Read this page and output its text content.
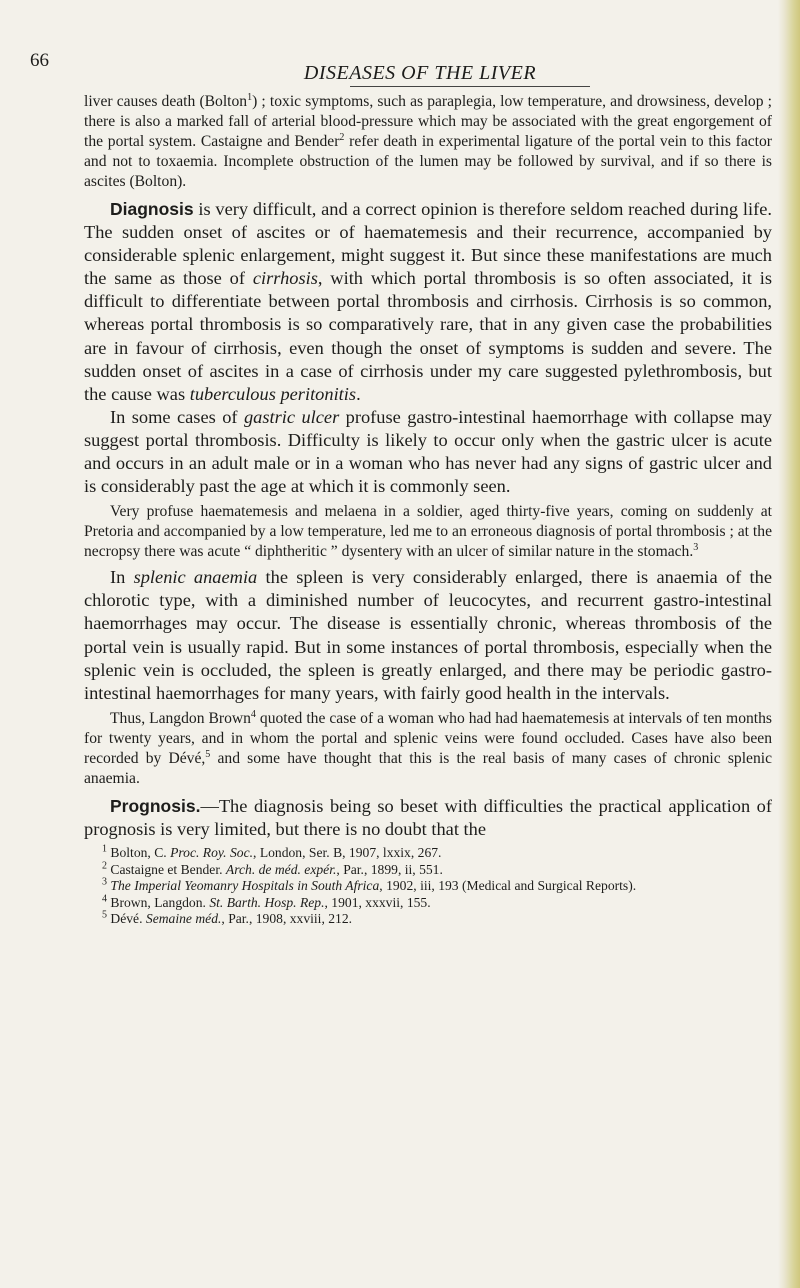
66
DISEASES OF THE LIVER

liver causes death (Bolton$^1$) ; toxic symptoms, such as paraplegia, low temperature, and drowsiness, develop ; there is also a marked fall of arterial blood-pressure which may be associated with the great engorgement of the portal system. Castaigne and Bender$^2$ refer death in experimental ligature of the portal vein to this factor and not to toxaemia. Incomplete obstruction of the lumen may be followed by survival, and if so there is ascites (Bolton).

Diagnosis is very difficult, and a correct opinion is therefore seldom reached during life. The sudden onset of ascites or of haematemesis and their recurrence, accompanied by considerable splenic enlargement, might suggest it. But since these manifestations are much the same as those of cirrhosis, with which portal thrombosis is so often associated, it is difficult to differentiate between portal thrombosis and cirrhosis. Cirrhosis is so common, whereas portal thrombosis is so comparatively rare, that in any given case the probabilities are in favour of cirrhosis, even though the onset of symptoms is sudden and severe. The sudden onset of ascites in a case of cirrhosis under my care suggested pylethrombosis, but the cause was tuberculous peritonitis.

In some cases of gastric ulcer profuse gastro-intestinal haemorrhage with collapse may suggest portal thrombosis. Difficulty is likely to occur only when the gastric ulcer is acute and occurs in an adult male or in a woman who has never had any signs of gastric ulcer and is considerably past the age at which it is commonly seen.

Very profuse haematemesis and melaena in a soldier, aged thirty-five years, coming on suddenly at Pretoria and accompanied by a low temperature, led me to an erroneous diagnosis of portal thrombosis ; at the necropsy there was acute “ diphtheritic ” dysentery with an ulcer of similar nature in the stomach.$^3$

In splenic anaemia the spleen is very considerably enlarged, there is anaemia of the chlorotic type, with a diminished number of leucocytes, and recurrent gastro-intestinal haemorrhages may occur. The disease is essentially chronic, whereas thrombosis of the portal vein is usually rapid. But in some instances of portal thrombosis, especially when the splenic vein is occluded, the spleen is greatly enlarged, and there may be periodic gastro-intestinal haemorrhages for many years, with fairly good health in the intervals.

Thus, Langdon Brown$^4$ quoted the case of a woman who had had haematemesis at intervals of ten months for twenty years, and in whom the portal and splenic veins were found occluded. Cases have also been recorded by Dévé,$^5$ and some have thought that this is the real basis of many cases of chronic splenic anaemia.

Prognosis.—The diagnosis being so beset with difficulties the practical application of prognosis is very limited, but there is no doubt that the

$^1$ Bolton, C. Proc. Roy. Soc., London, Ser. B, 1907, lxxix, 267.

$^2$ Castaigne et Bender. Arch. de méd. expér., Par., 1899, ii, 551.

$^3$ The Imperial Yeomanry Hospitals in South Africa, 1902, iii, 193 (Medical and Surgical Reports).

$^4$ Brown, Langdon. St. Barth. Hosp. Rep., 1901, xxxvii, 155.

$^5$ Dévé. Semaine méd., Par., 1908, xxviii, 212.
